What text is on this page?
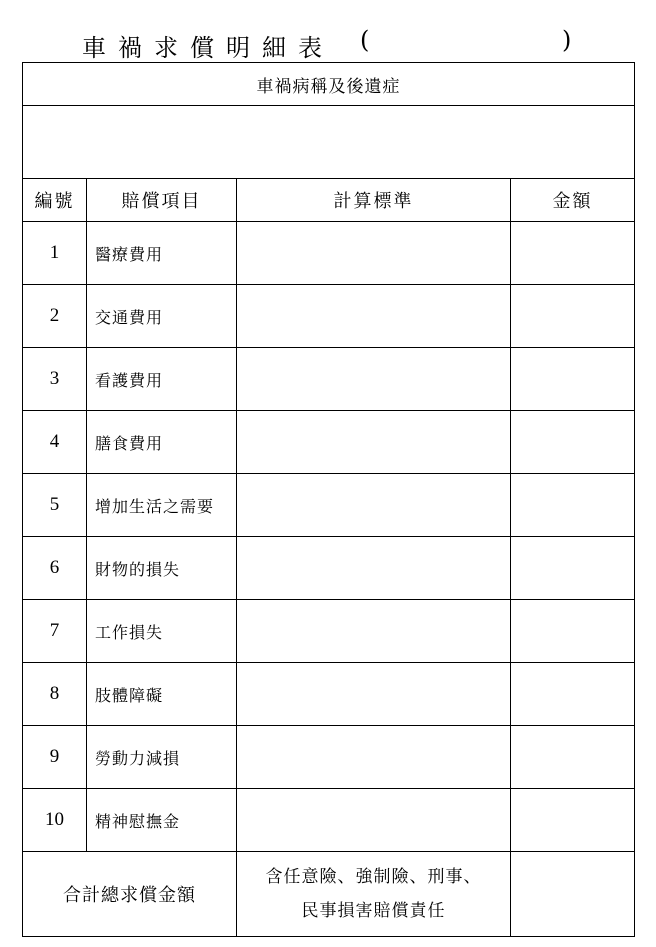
車禍求償明細表 (	)
車禍病稱及後遺症			

編號	賠償項目	計算標準	金額
1	醫療費用		
2	交通費用		
3	看護費用		
4	膳食費用		
5	增加生活之需要		
6	財物的損失		
7	工作損失		
8	肢體障礙		
9	勞動力減損		
10	精神慰撫金		
合計總求償金額		含任意險、強制險、刑事、
民事損害賠償責任	
